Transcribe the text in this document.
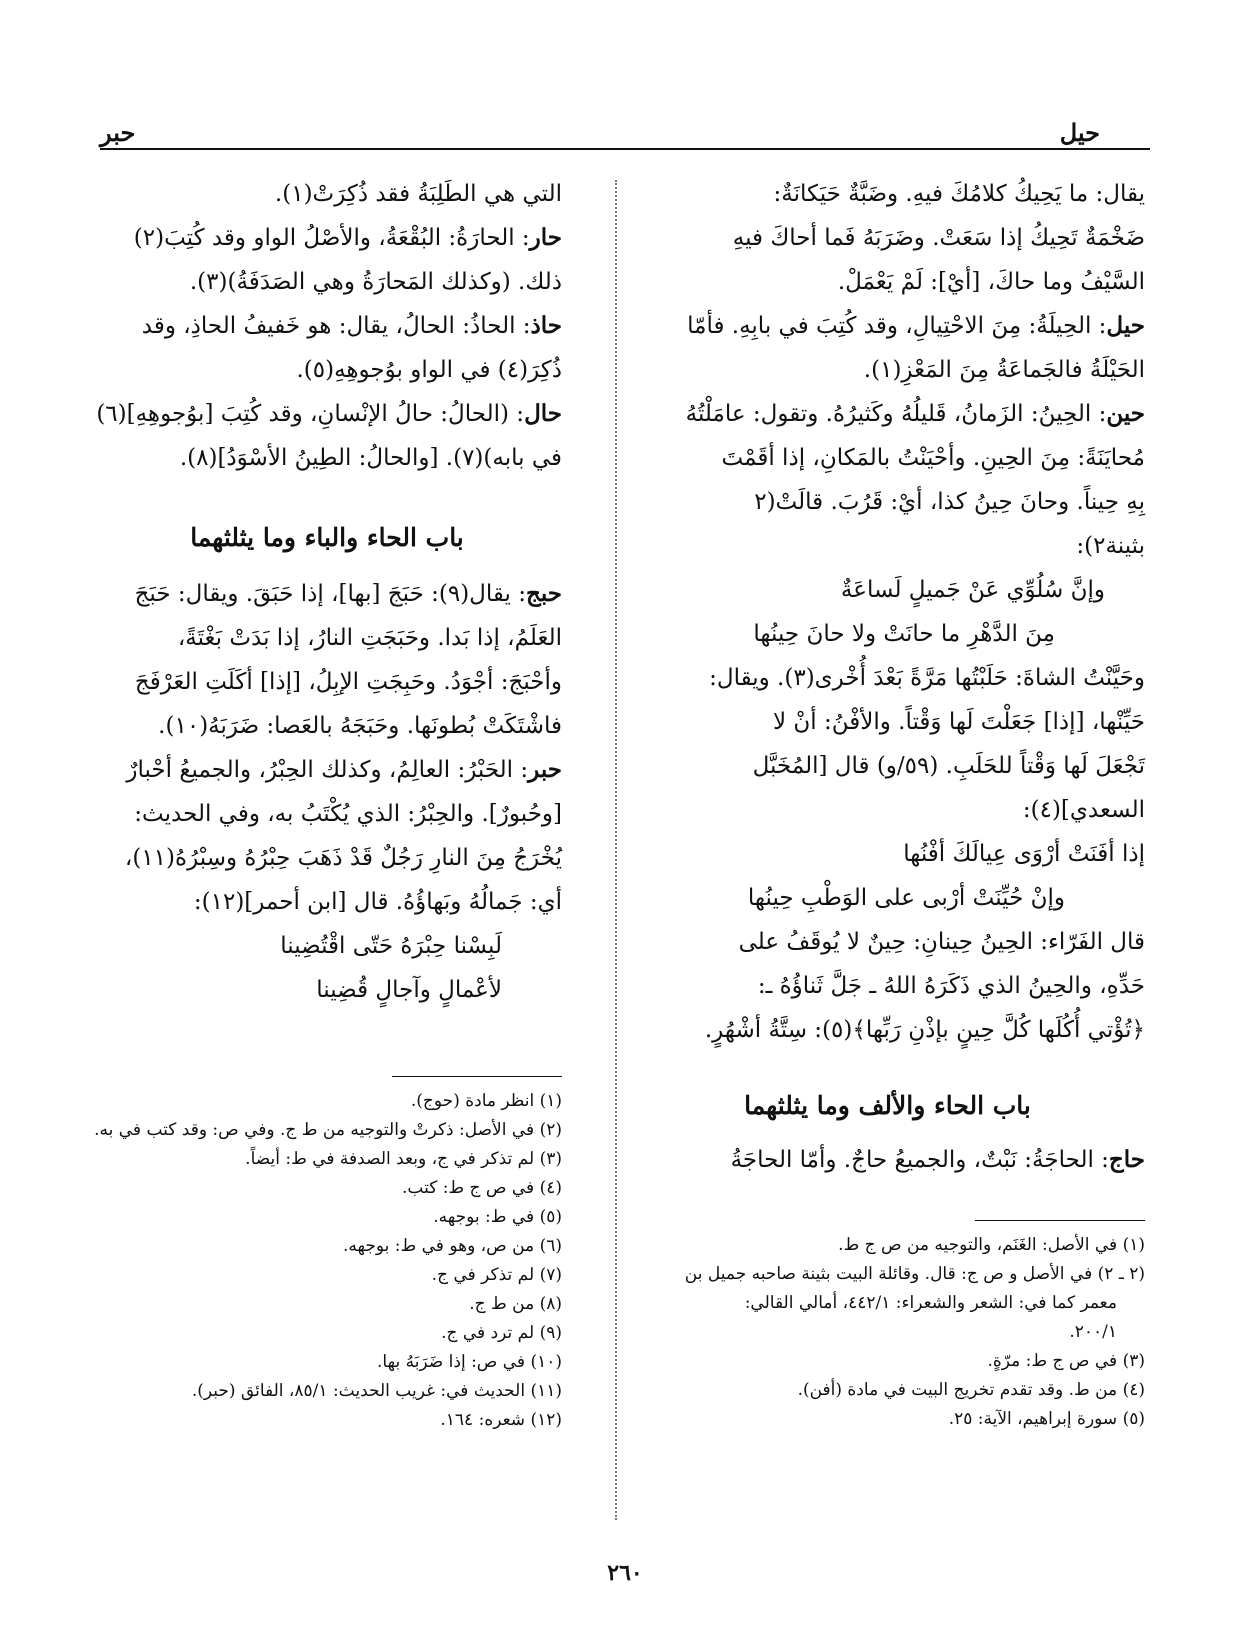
حيل
حبر
يقال: ما يَحِيكُ كلامُكَ فيهِ. وضَبَّةٌ حَيَكانَةٌ:
ضَخْمَةٌ تَحِيكُ إذا سَعَتْ. وضَرَبَهُ فَما أحاكَ فيهِ
السَّيْفُ وما حاكَ، [أيْ]: لَمْ يَعْمَلْ.
حيل: الحِيلَةُ: مِنَ الاحْتِيالِ، وقد كُتِبَ في بابِهِ. فأمّا
الحَيْلَةُ فالجَماعَةُ مِنَ المَعْزِ(١).
حين: الحِينُ: الزَمانُ، قَليلُهُ وكَثيرُهُ. وتقول: عامَلْتُهُ
مُحايَنَةً: مِنَ الحِينِ. وأحْيَنْتُ بالمَكانِ، إذا أقَمْتَ
بِهِ حِيناً. وحانَ حِينُ كذا، أيْ: قَرُبَ. قالَتْ(٢
بثينة٢):
وإنَّ سُلُوِّي عَنْ جَميلٍ لَساعَةٌ
مِنَ الدَّهْرِ ما حانَتْ ولا حانَ حِينُها
وحَيَّنْتُ الشاةَ: حَلَبْتُها مَرَّةً بَعْدَ أُخْرى(٣). ويقال:
حَيِّنْها، [إذا] جَعَلْتَ لَها وَقْتاً. والأفْنُ: أنْ لا
تَجْعَلَ لَها وَقْتاً للحَلَبِ. (٥٩/و) قال [المُخَبَّل
السعدي](٤):
إذا أفَنَتْ أرْوَى عِيالَكَ أفْنُها
وإنْ حُيِّنَتْ أرْبى على الوَطْبِ حِينُها
قال الفَرّاء: الحِينُ حِينانِ: حِينٌ لا يُوقَفُ على
حَدِّهِ، والحِينُ الذي ذَكَرَهُ اللهُ ـ جَلَّ ثَناؤُهُ ـ:
﴿تُؤْتي أُكُلَها كُلَّ حِينٍ بإذْنِ رَبِّها﴾(٥): سِتَّةُ أشْهُرٍ.
باب الحاء والألف وما يثلثهما
حاج: الحاجَةُ: نَبْتٌ، والجميعُ حاجٌ. وأمّا الحاجَةُ
(١) في الأصل: الغَنَم، والتوجيه من ص ج ط.
(٢ ـ ٢) في الأصل و ص ج: قال. وقائلة البيت بثينة صاحبه جميل بن
معمر كما في: الشعر والشعراء: ٤٤٢/١، أمالي القالي:
٢٠٠/١.
(٣) في ص ج ط: مرّةٍ.
(٤) من ط. وقد تقدم تخريج البيت في مادة (أفن).
(٥) سورة إبراهيم، الآية: ٢٥.
التي هي الطَلِبَةُ فقد ذُكِرَتْ(١).
حار: الحارَةُ: البُقْعَةُ، والأصْلُ الواو وقد كُتِبَ(٢)
ذلك. (وكذلك المَحارَةُ وهي الصَدَفَةُ)(٣).
حاذ: الحاذُ: الحالُ، يقال: هو خَفيفُ الحاذِ، وقد
ذُكِرَ(٤) في الواو بوُجوهِهِ(٥).
حال: (الحالُ: حالُ الإنْسانِ، وقد كُتِبَ [بوُجوهِهِ](٦)
في بابه)(٧). [والحالُ: الطِينُ الأسْوَدُ](٨).
باب الحاء والباء وما يثلثهما
حبج: يقال(٩): حَبَجَ [بها]، إذا حَبَقَ. ويقال: حَبَجَ
العَلَمُ، إذا بَدا. وحَبَجَتِ النارُ، إذا بَدَتْ بَغْتَةً،
وأحْبَجَ: أجْوَدُ. وحَبِجَتِ الإبِلُ، [إذا] أكَلَتِ العَرْفَجَ
فاشْتَكَتْ بُطونَها. وحَبَجَهُ بالعَصا: ضَرَبَهُ(١٠).
حبر: الحَبْرُ: العالِمُ، وكذلك الحِبْرُ، والجميعُ أحْبارٌ
[وحُبورٌ]. والحِبْرُ: الذي يُكْتَبُ به، وفي الحديث:
يُخْرَجُ مِنَ النارِ رَجُلٌ قَدْ ذَهَبَ حِبْرُهُ وسِبْرُهُ(١١)،
أي: جَمالُهُ وبَهاؤُهُ. قال [ابن أحمر](١٢):
لَبِسْنا حِبْرَهُ حَتّى اقْتُضِينا
لأعْمالٍ وآجالٍ قُضِينا
(١) انظر مادة (حوج).
(٢) في الأصل: ذكرتْ والتوجيه من ط ج. وفي ص: وقد كتب في به.
(٣) لم تذكر في ج، وبعد الصدفة في ط: أيضاً.
(٤) في ص ج ط: كتب.
(٥) في ط: بوجهه.
(٦) من ص، وهو في ط: بوجهه.
(٧) لم تذكر في ج.
(٨) من ط ج.
(٩) لم ترد في ج.
(١٠) في ص: إذا ضَرَبَهُ بها.
(١١) الحديث في: غريب الحديث: ٨٥/١، الفائق (حبر).
(١٢) شعره: ١٦٤.
٢٦٠
